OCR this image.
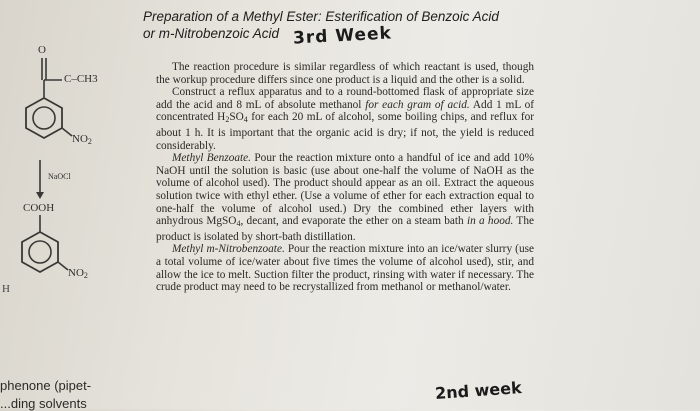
O
C–CH3
$NO_2$
NaOCl
COOH
$NO_2$
H

Preparation of a Methyl Ester: Esterification of Benzoic Acid

or m-Nitrobenzoic Acid 3rd Week

The reaction procedure is similar regardless of which reactant is used, though the workup procedure differs since one product is a liquid and the other is a solid.

Construct a reflux apparatus and to a round-bottomed flask of appropriate size add the acid and 8 mL of absolute methanol for each gram of acid. Add 1 mL of concentrated $H_2SO_4$ for each 20 mL of alcohol, some boiling chips, and reflux for about 1 h. It is important that the organic acid is dry; if not, the yield is reduced considerably.

Methyl Benzoate. Pour the reaction mixture onto a handful of ice and add 10% NaOH until the solution is basic (use about one-half the volume of NaOH as the volume of alcohol used). The product should appear as an oil. Extract the aqueous solution twice with ethyl ether. (Use a volume of ether for each extraction equal to one-half the volume of alcohol used.) Dry the combined ether layers with anhydrous MgSO$_4$, decant, and evaporate the ether on a steam bath in a hood. The product is isolated by short-bath distillation.

Methyl m-Nitrobenzoate. Pour the reaction mixture into an ice/water slurry (use a total volume of ice/water about five times the volume of alcohol used), stir, and allow the ice to melt. Suction filter the product, rinsing with water if necessary. The crude product may need to be recrystallized from methanol or methanol/water.

phenone (pipet-
...ding solvents
2nd week
